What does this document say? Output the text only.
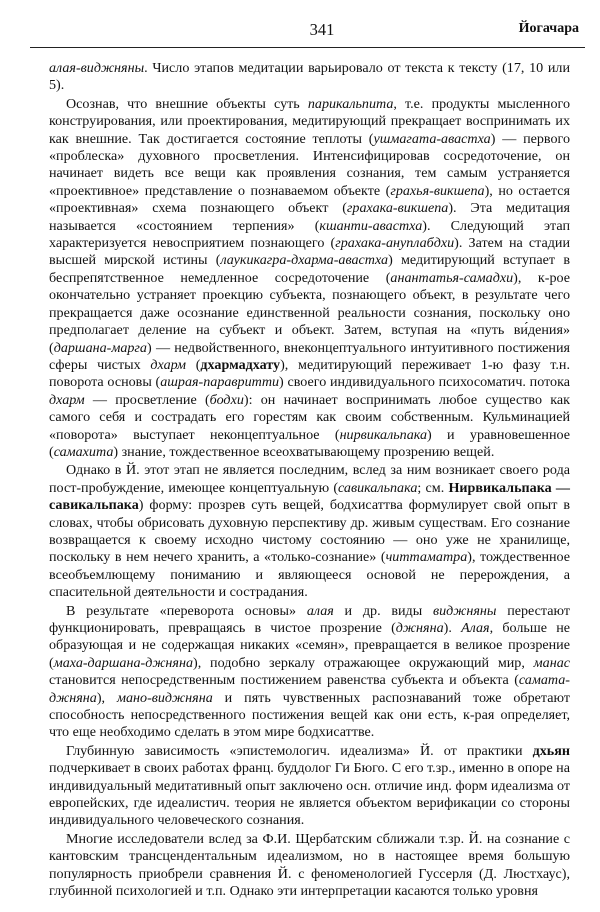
341	Йогачара

алая-виджняны. Число этапов медитации варьировало от текста к тексту (17, 10 или 5).

Осознав, что внешние объекты суть парикальпита, т.е. продукты мысленного конструирования, или проектирования, медитирующий прекращает воспринимать их как внешние. Так достигается состояние теплоты (ушмагата-авастха) — первого «проблеска» духовного просветления. Интенсифицировав сосредоточение, он начинает видеть все вещи как проявления сознания, тем самым устраняется «проективное» представление о познаваемом объекте (грахья-викшепа), но остается «проективная» схема познающего объект (грахака-викшепа). Эта медитация называется «состоянием терпения» (кшанти-авастха). Следующий этап характеризуется невосприятием познающего (грахака-ануплабдхи). Затем на стадии высшей мирской истины (лаукикагра-дхарма-авастха) медитирующий вступает в беспрепятственное немедленное сосредоточение (анантатья-самадхи), к-рое окончательно устраняет проекцию субъекта, познающего объект, в результате чего прекращается даже осознание единственной реальности сознания, поскольку оно предполагает деление на субъект и объект. Затем, вступая на «путь ви́дения» (даршана-марга) — недвойственного, внеконцептуального интуитивного постижения сферы чистых дхарм (дхармадхату), медитирующий переживает 1-ю фазу т.н. поворота основы (ашрая-паравритти) своего индивидуального психосоматич. потока дхарм — просветление (бодхи): он начинает воспринимать любое существо как самого себя и сострадать его горестям как своим собственным. Кульминацией «поворота» выступает неконцептуальное (нирвикальпака) и уравновешенное (самахита) знание, тождественное всеохватывающему прозрению вещей.

Однако в Й. этот этап не является последним, вслед за ним возникает своего рода пост-пробуждение, имеющее концептуальную (савикальпака; см. Нирвикальпака — савикальпака) форму: прозрев суть вещей, бодхисаттва формулирует свой опыт в словах, чтобы обрисовать духовную перспективу др. живым существам. Его сознание возвращается к своему исходно чистому состоянию — оно уже не хранилище, поскольку в нем нечего хранить, а «только-сознание» (читтаматра), тождественное всеобъемлющему пониманию и являющееся основой не перерождения, а спасительной деятельности и сострадания.

В результате «переворота основы» алая и др. виды виджняны перестают функционировать, превращаясь в чистое прозрение (джняна). Алая, больше не образующая и не содержащая никаких «семян», превращается в великое прозрение (маха-даршана-джняна), подобно зеркалу отражающее окружающий мир, манас становится непосредственным постижением равенства субъекта и объекта (самата-джняна), мано-виджняна и пять чувственных распознаваний тоже обретают способность непосредственного постижения вещей как они есть, к-рая определяет, что еще необходимо сделать в этом мире бодхисаттве.

Глубинную зависимость «эпистемологич. идеализма» Й. от практики дхьян подчеркивает в своих работах франц. буддолог Ги Бюго. С его т.зр., именно в опоре на индивидуальный медитативный опыт заключено осн. отличие инд. форм идеализма от европейских, где идеалистич. теория не является объектом верификации со стороны индивидуального человеческого сознания.

Многие исследователи вслед за Ф.И. Щербатским сближали т.зр. Й. на сознание с кантовским трансцендентальным идеализмом, но в настоящее время большую популярность приобрели сравнения Й. с феноменологией Гуссерля (Д. Люстхаус), глубинной психологией и т.п. Однако эти интерпретации касаются только уровня
